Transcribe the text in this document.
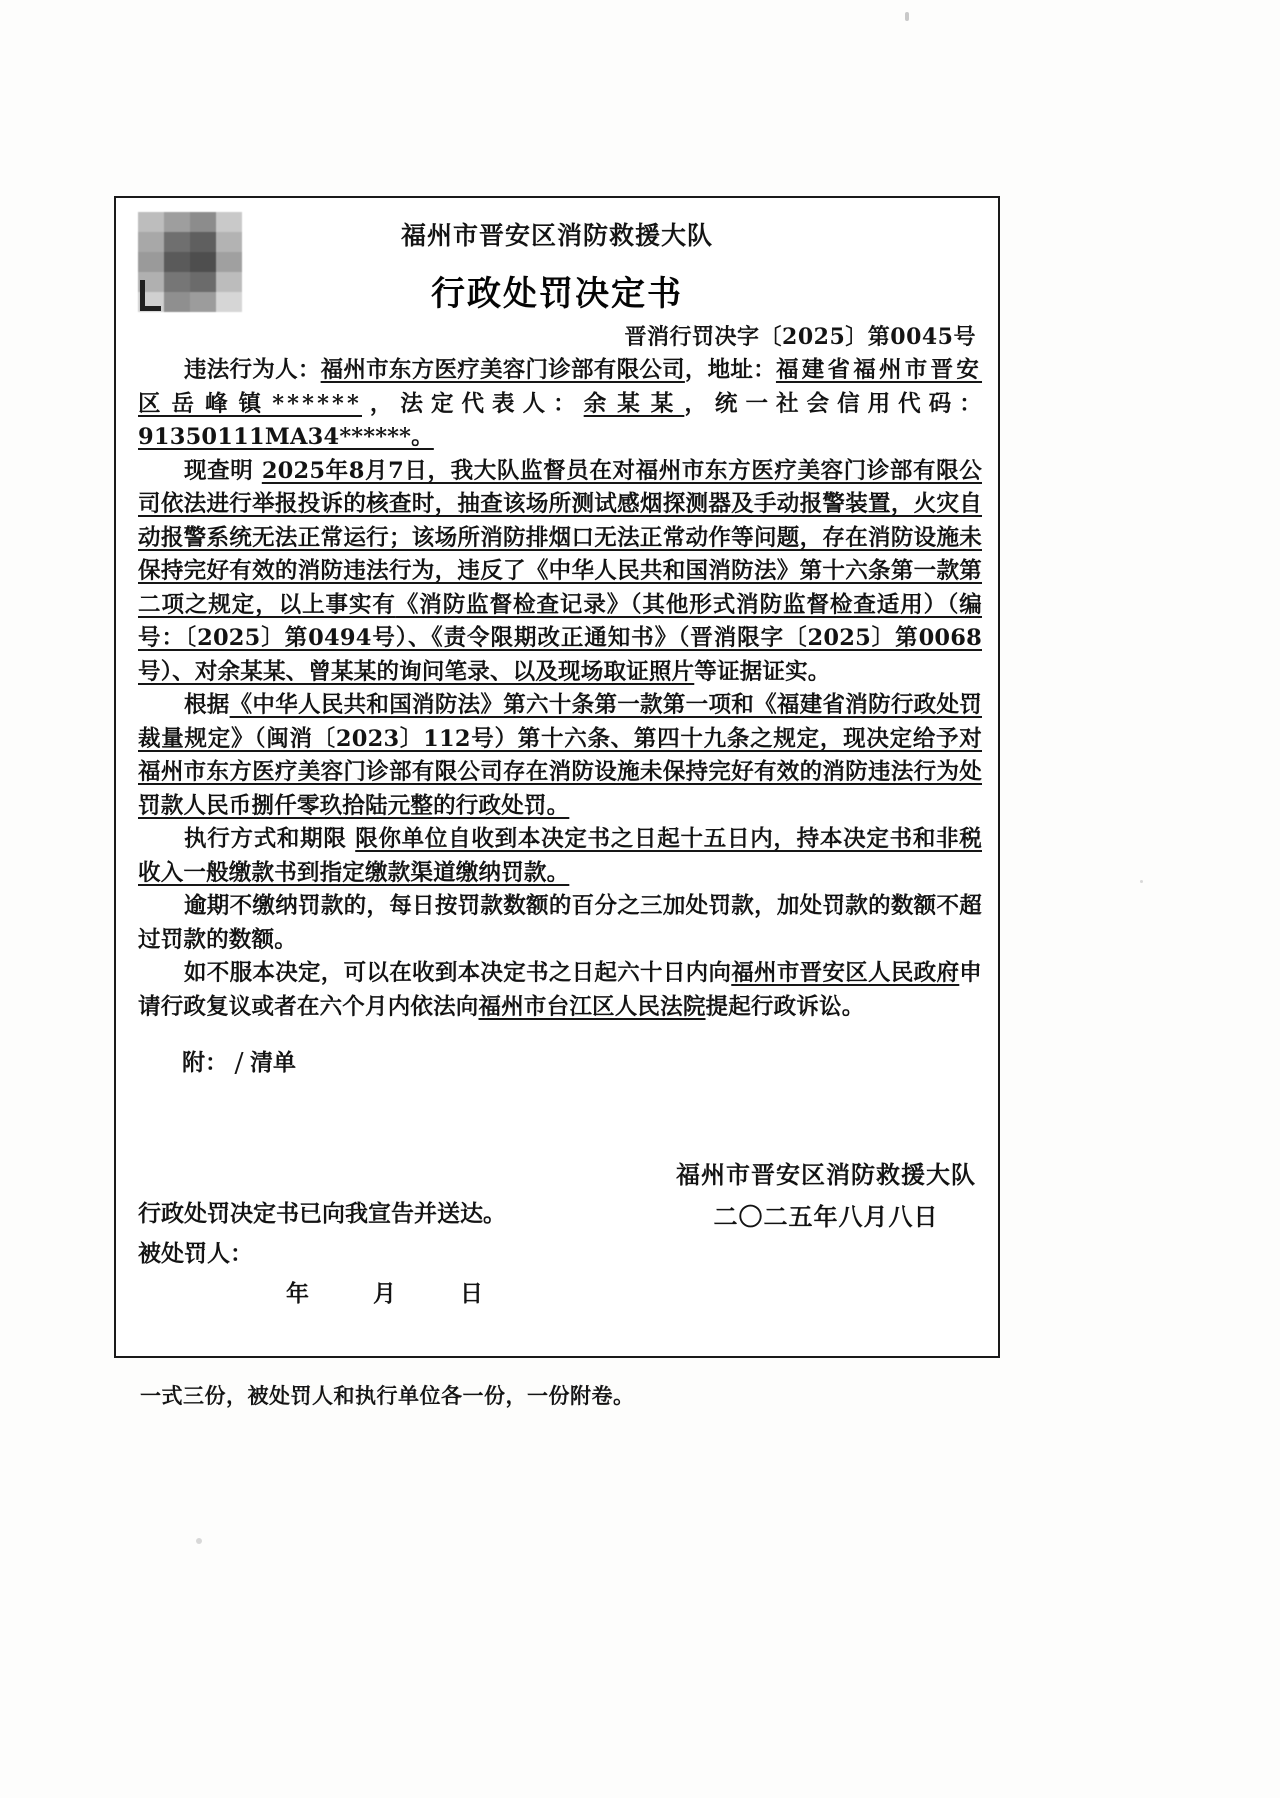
福州市晋安区消防救援大队
行政处罚决定书
晋消行罚决字〔2025〕第0045号

违法行为人：福州市东方医疗美容门诊部有限公司，地址：福建省福州市晋安区岳峰镇******，法定代表人：余某某，统一社会信用代码：91350111MA34******。

现查明 2025年8月7日，我大队监督员在对福州市东方医疗美容门诊部有限公司依法进行举报投诉的核查时，抽查该场所测试感烟探测器及手动报警装置，火灾自动报警系统无法正常运行；该场所消防排烟口无法正常动作等问题，存在消防设施未保持完好有效的消防违法行为，违反了《中华人民共和国消防法》第十六条第一款第二项之规定，以上事实有《消防监督检查记录》（其他形式消防监督检查适用）（编号：〔2025〕第0494号）、《责令限期改正通知书》（晋消限字〔2025〕第0068号）、对余某某、曾某某的询问笔录、以及现场取证照片等证据证实。

根据《中华人民共和国消防法》第六十条第一款第一项和《福建省消防行政处罚裁量规定》（闽消〔2023〕112号）第十六条、第四十九条之规定，现决定给予对福州市东方医疗美容门诊部有限公司存在消防设施未保持完好有效的消防违法行为处罚款人民币捌仟零玖拾陆元整的行政处罚。

执行方式和期限 限你单位自收到本决定书之日起十五日内，持本决定书和非税收入一般缴款书到指定缴款渠道缴纳罚款。

逾期不缴纳罚款的，每日按罚款数额的百分之三加处罚款，加处罚款的数额不超过罚款的数额。

如不服本决定，可以在收到本决定书之日起六十日内向福州市晋安区人民政府申请行政复议或者在六个月内依法向福州市台江区人民法院提起行政诉讼。

附： 清单

福州市晋安区消防救援大队
二〇二五年八月八日
行政处罚决定书已向我宣告并送达。
被处罚人：
年 月 日
一式三份，被处罚人和执行单位各一份，一份附卷。
